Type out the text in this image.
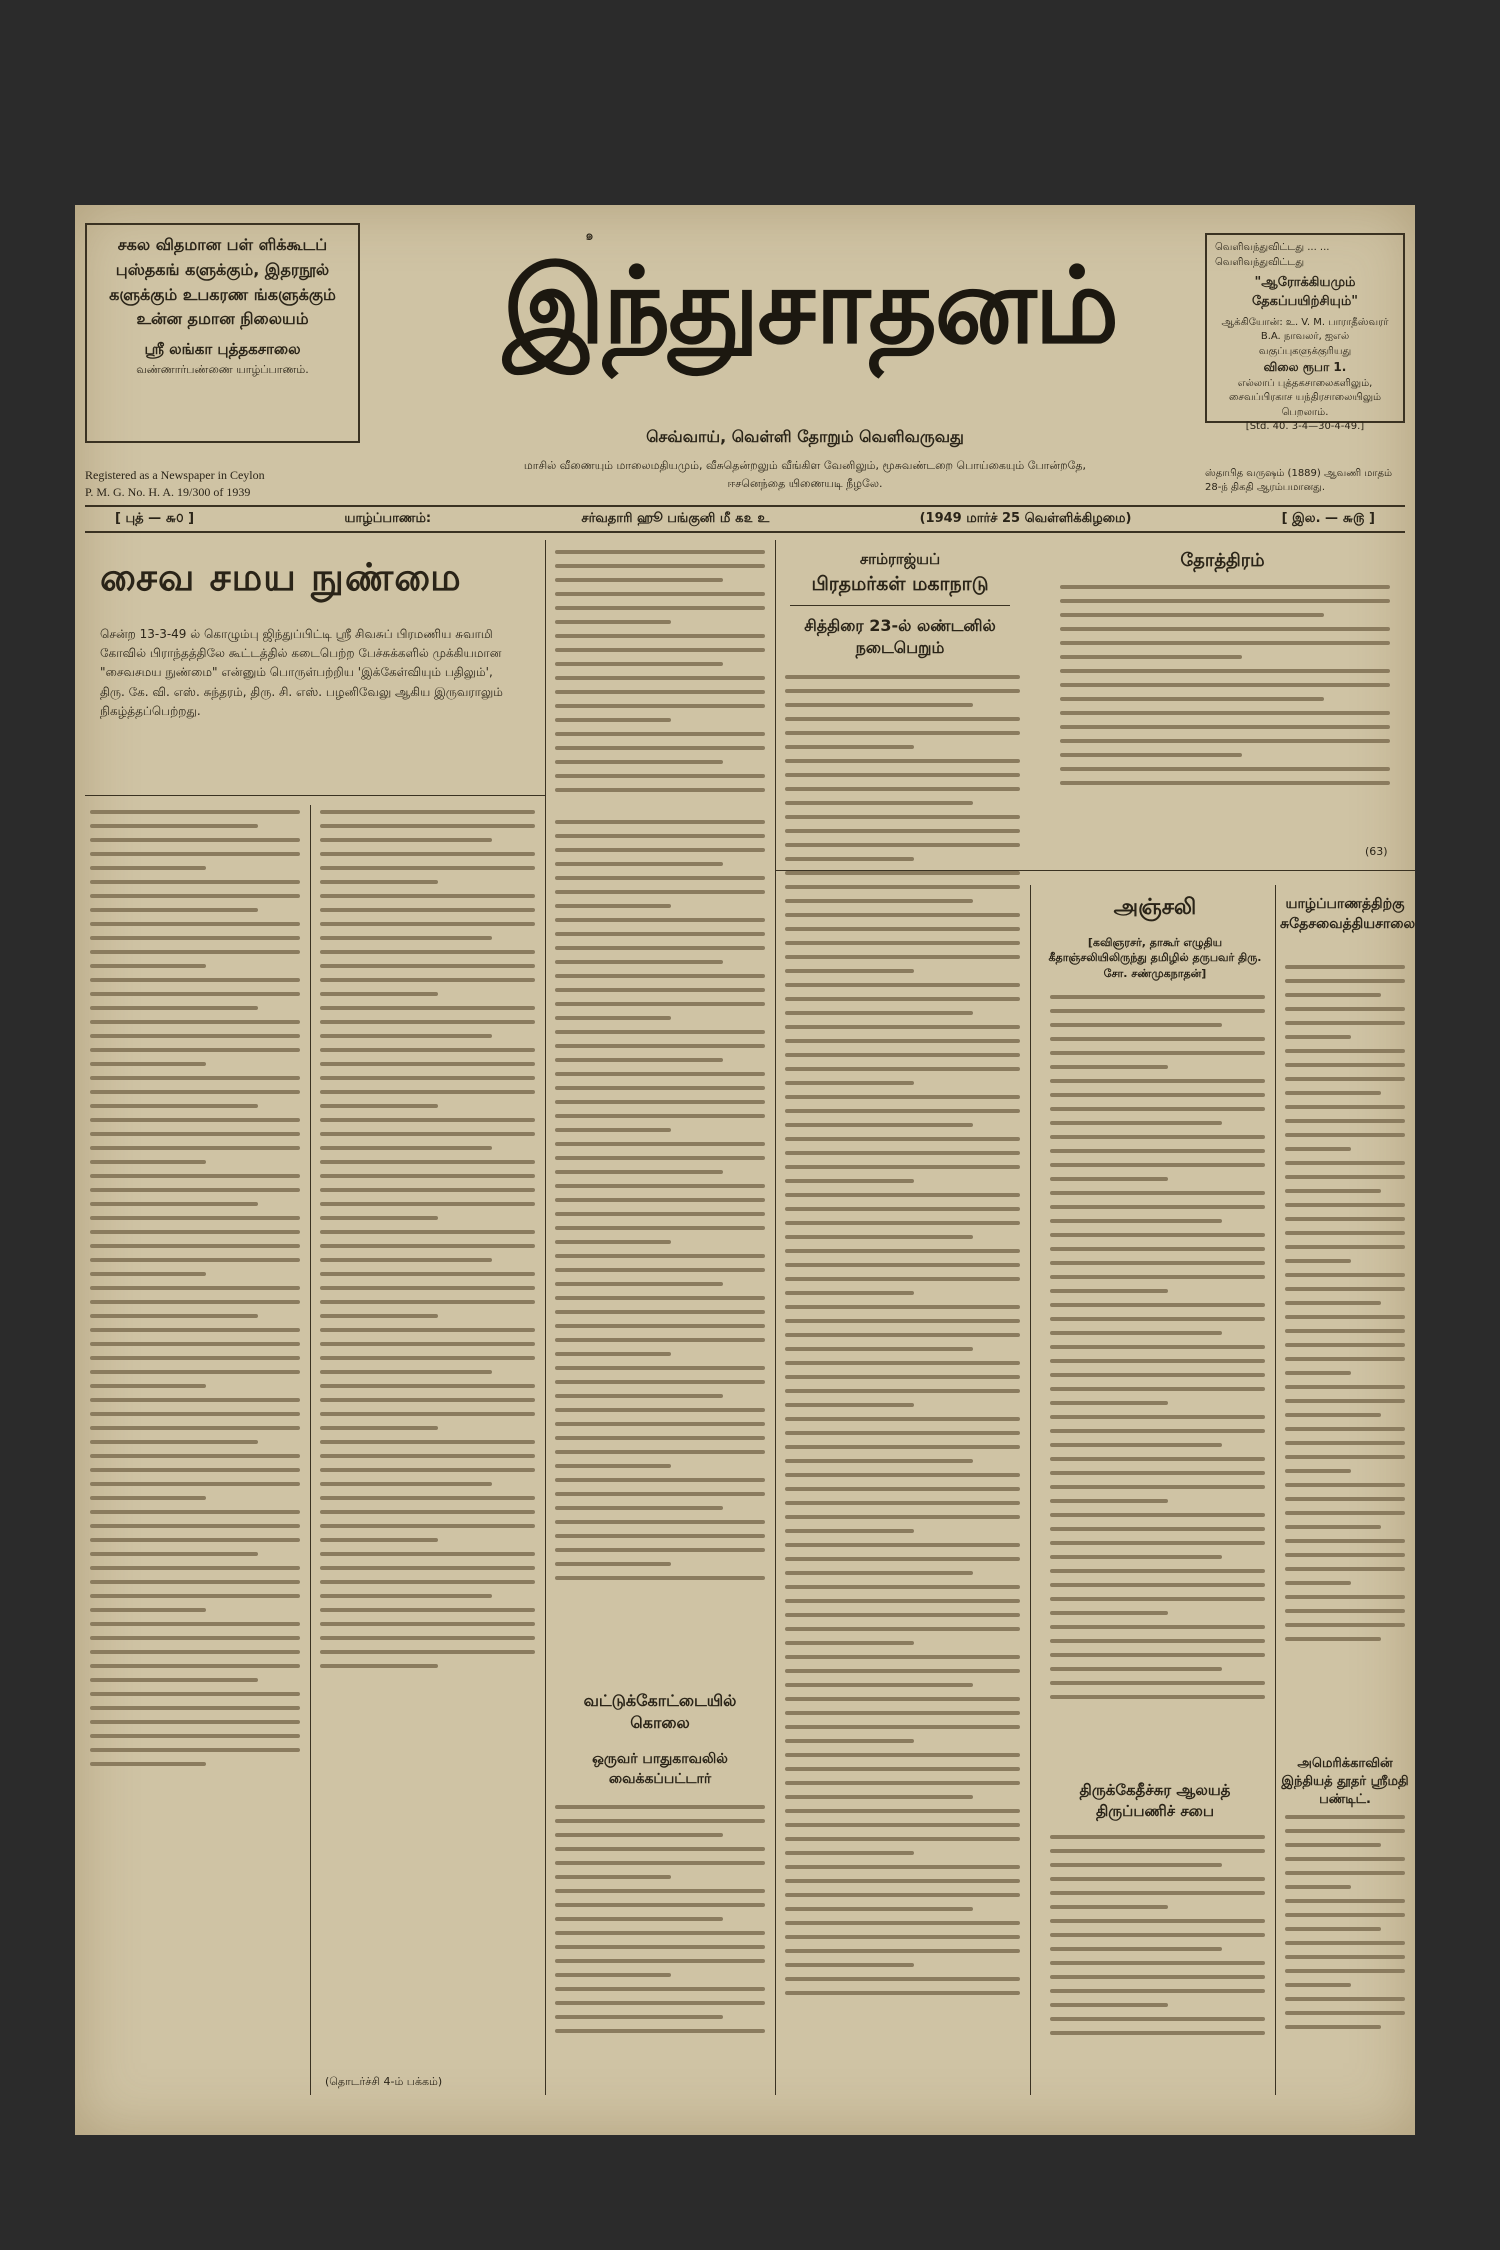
๑
சகல விதமான பள் ளிக்கூடப் புஸ்தகங் களுக்கும், இதரநூல் களுக்கும் உபகரண ங்களுக்கும் உன்ன தமான நிலையம்
ஸ்ரீ லங்கா புத்தகசாலை
வண்ணார்பண்ணை யாழ்ப்பாணம்.
இந்துசாதனம்	வெளிவந்துவிட்டது ... ... வெளிவந்துவிட்டது
"ஆரோக்கியமும் தேகப்பயிற்சியும்"
ஆக்கியோன்: உ. V. M. பாராதீஸ்வரர் B.A. நாவலர், ஐஎல் வகுப்புகளுக்குரியது
விலை ரூபா 1.
எல்லாப் புத்தகசாலைகளிலும், சைவப்பிரகாச யந்திரசாலையிலும் பெறலாம்.
[Std. 40. 3-4—30-4-49.]
செவ்வாய், வெள்ளி தோறும் வெளிவருவது
மாசில் வீணையும் மாலைமதியமும், வீசுதென்றலும் வீங்கிள வேனிலும், மூசுவண்டறை பொய்கையும் போன்றதே, ஈசனெந்தை யிணையடி நீழலே.
Registered as a Newspaper in Ceylon
P. M. G. No. H. A. 19/300 of 1939
ஸ்தாபித வருஷம் (1889) ஆவணி மாதம் 28-ந் திகதி ஆரம்பமானது.
[ புத் — ௬௦ ]	யாழ்ப்பாணம்:	சர்வதாரி ஹூ பங்குனி மீ ௧௨ உ	(1949 மார்ச் 25 வெள்ளிக்கிழமை)	[ இல. — ௬௫ ]
சைவ சமய நுண்மை
சென்ற 13-3-49 ல் கொழும்பு ஜிந்துப்பிட்டி ஸ்ரீ சிவசுப் பிரமணிய சுவாமி கோவில் பிராந்தத்திலே கூட்டத்தில் கடைபெற்ற பேச்சுக்களில் முக்கியமான "சைவசமய நுண்மை" என்னும் பொருள்பற்றிய 'இக்கேள்வியும் பதிலும்', திரு. கே. வி. எஸ். சுந்தரம், திரு. சி. எஸ். பழனிவேலு ஆகிய இருவராலும் நிகழ்த்தப்பெற்றது.
சாம்ராஜ்யப்
பிரதமர்கள் மகாநாடு
சித்திரை 23-ல் லண்டனில் நடைபெறும்
வட்டுக்கோட்டையில் கொலை
ஒருவர் பாதுகாவலில் வைக்கப்பட்டார்
தோத்திரம்
(63)
அஞ்சலி
[கவிஞரசர், தாகூர் எழுதிய கீதாஞ்சலியிலிருந்து தமிழில் தருபவர் திரு. சோ. சண்முகநாதன்]
திருக்கேதீச்சுர ஆலயத் திருப்பணிச் சபை
யாழ்ப்பாணத்திற்கு சுதேசவைத்தியசாலை
அமெரிக்காவின் இந்தியத் தூதர் ஸ்ரீமதி பண்டிட்.
(தொடர்ச்சி 4-ம் பக்கம்)
